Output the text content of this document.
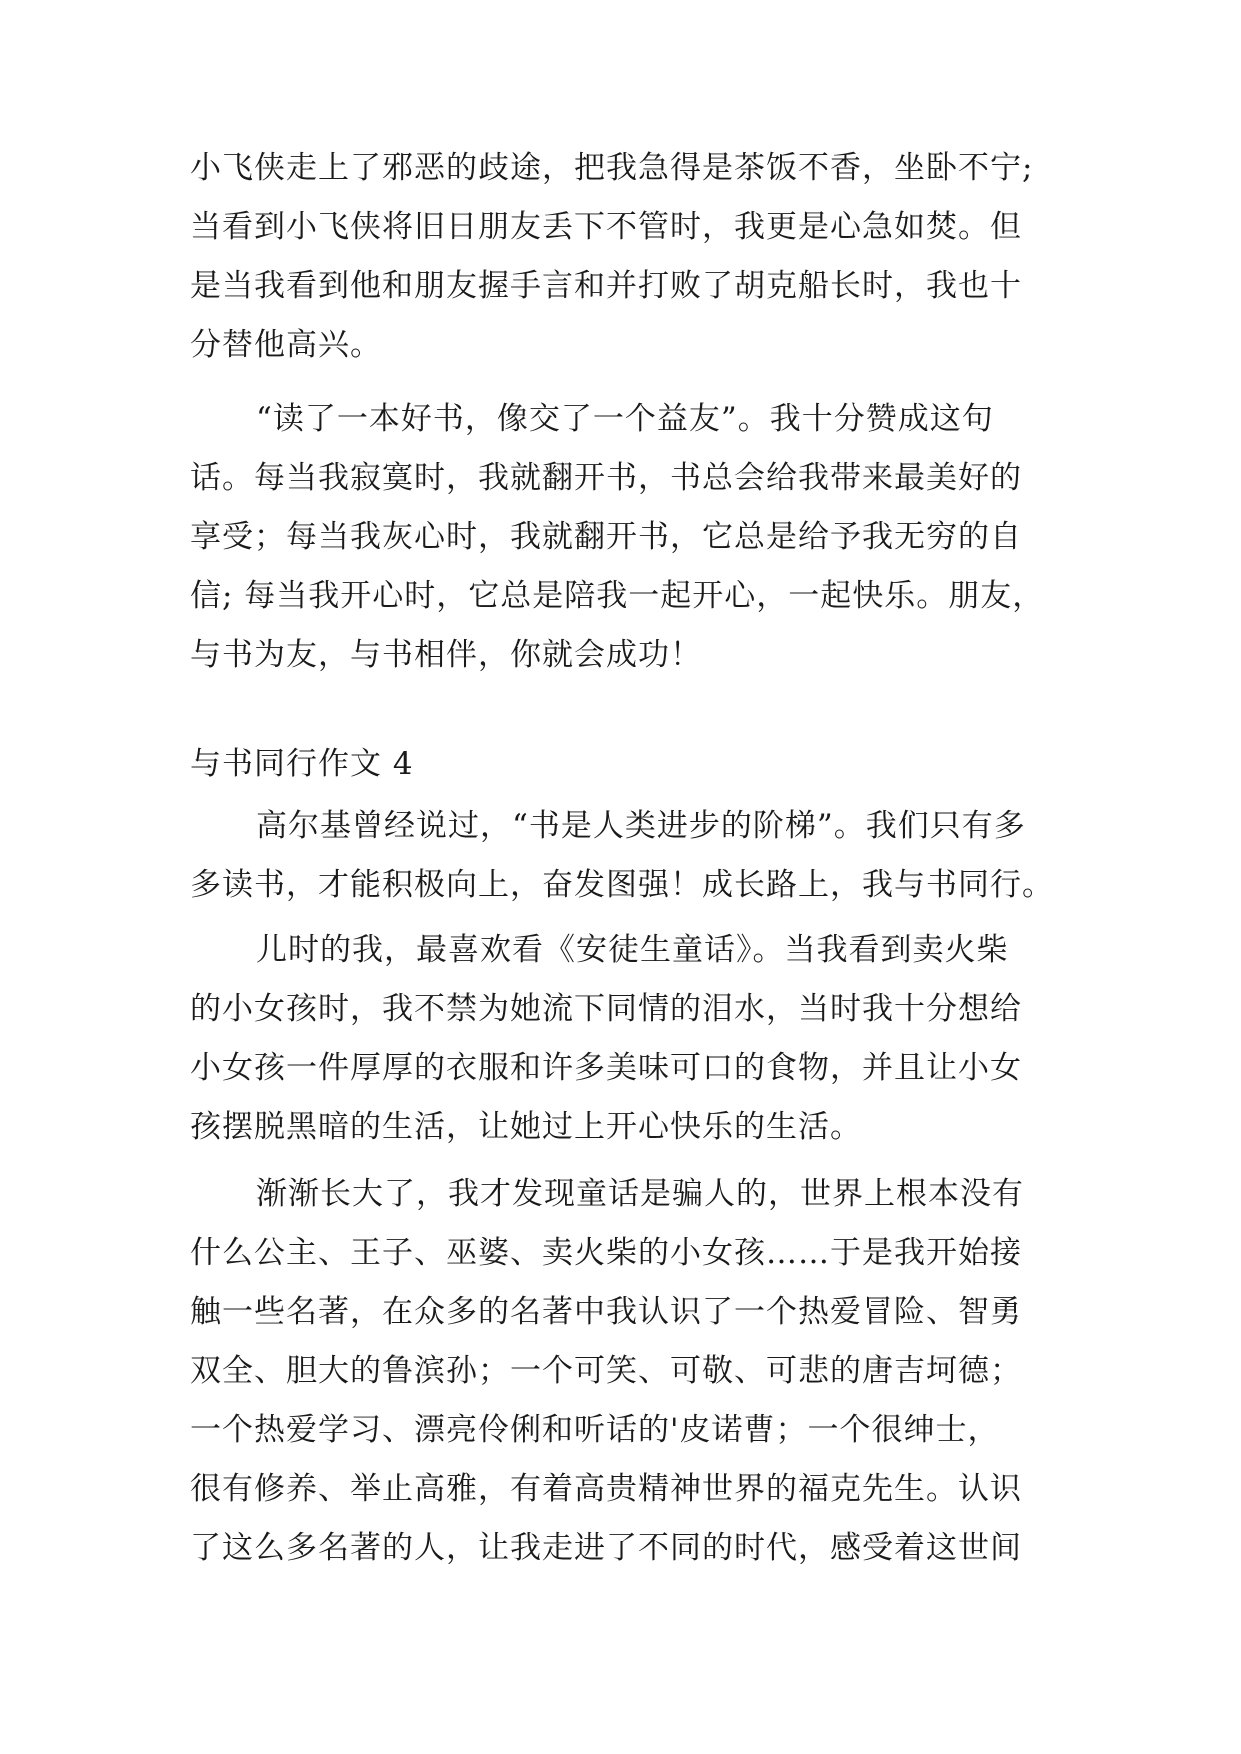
小飞侠走上了邪恶的歧途，把我急得是茶饭不香，坐卧不宁;

当看到小飞侠将旧日朋友丢下不管时，我更是心急如焚。但

是当我看到他和朋友握手言和并打败了胡克船长时，我也十

分替他高兴。

“读了一本好书，像交了一个益友”。我十分赞成这句

话。每当我寂寞时，我就翻开书，书总会给我带来最美好的

享受；每当我灰心时，我就翻开书，它总是给予我无穷的自

信; 每当我开心时，它总是陪我一起开心，一起快乐。朋友，

与书为友，与书相伴，你就会成功！

与书同行作文 4

高尔基曾经说过，“书是人类进步的阶梯”。我们只有多

多读书，才能积极向上，奋发图强！成长路上，我与书同行。

儿时的我，最喜欢看《安徒生童话》。当我看到卖火柴

的小女孩时，我不禁为她流下同情的泪水，当时我十分想给

小女孩一件厚厚的衣服和许多美味可口的食物，并且让小女

孩摆脱黑暗的生活，让她过上开心快乐的生活。

渐渐长大了，我才发现童话是骗人的，世界上根本没有

什么公主、王子、巫婆、卖火柴的小女孩……于是我开始接

触一些名著，在众多的名著中我认识了一个热爱冒险、智勇

双全、胆大的鲁滨孙；一个可笑、可敬、可悲的唐吉坷德；

一个热爱学习、漂亮伶俐和听话的'皮诺曹；一个很绅士，

很有修养、举止高雅，有着高贵精神世界的福克先生。认识

了这么多名著的人，让我走进了不同的时代，感受着这世间
